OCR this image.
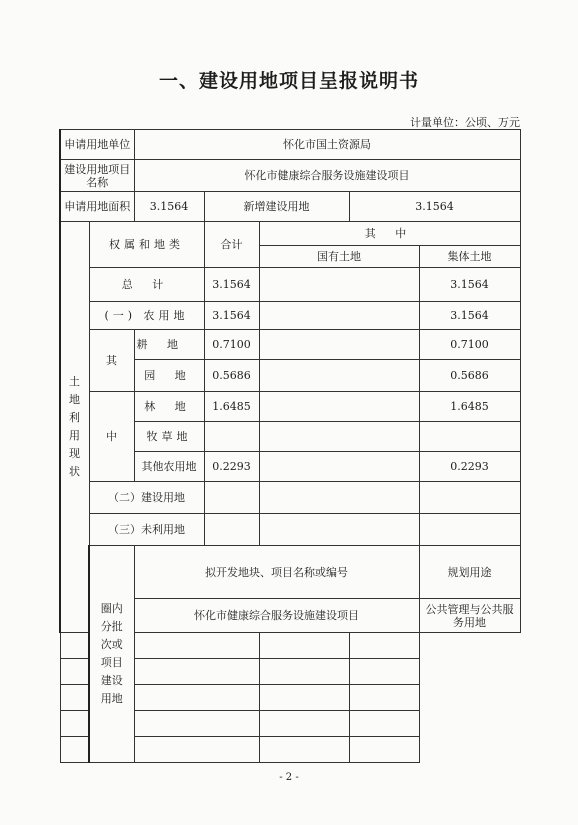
一、建设用地项目呈报说明书
计量单位：公顷、万元
申请用地单位		怀化市国土资源局					
建设用地项目名称		怀化市健康综合服务设施建设项目					
申请用地面积		3.1564	新增建设用地		3.1564		
土地利用现状	权属和地类		合计	其 中			
				国有土地		集体土地	
	总 计		3.1564			3.1564	
	(一) 农用地		3.1564			3.1564	
	其	耕 地	0.7100			0.7100	
		园 地	0.5686			0.5686	
	中	林 地	1.6485			1.6485	
		牧草地					
		其他农用地	0.2293			0.2293	
	（二）建设用地						
	（三）未利用地						
	圈内分批次或项目建设用地	拟开发地块、项目名称或编号				规划用途	
		怀化市健康综合服务设施建设项目				公共管理与公共服务用地	

- 2 -
